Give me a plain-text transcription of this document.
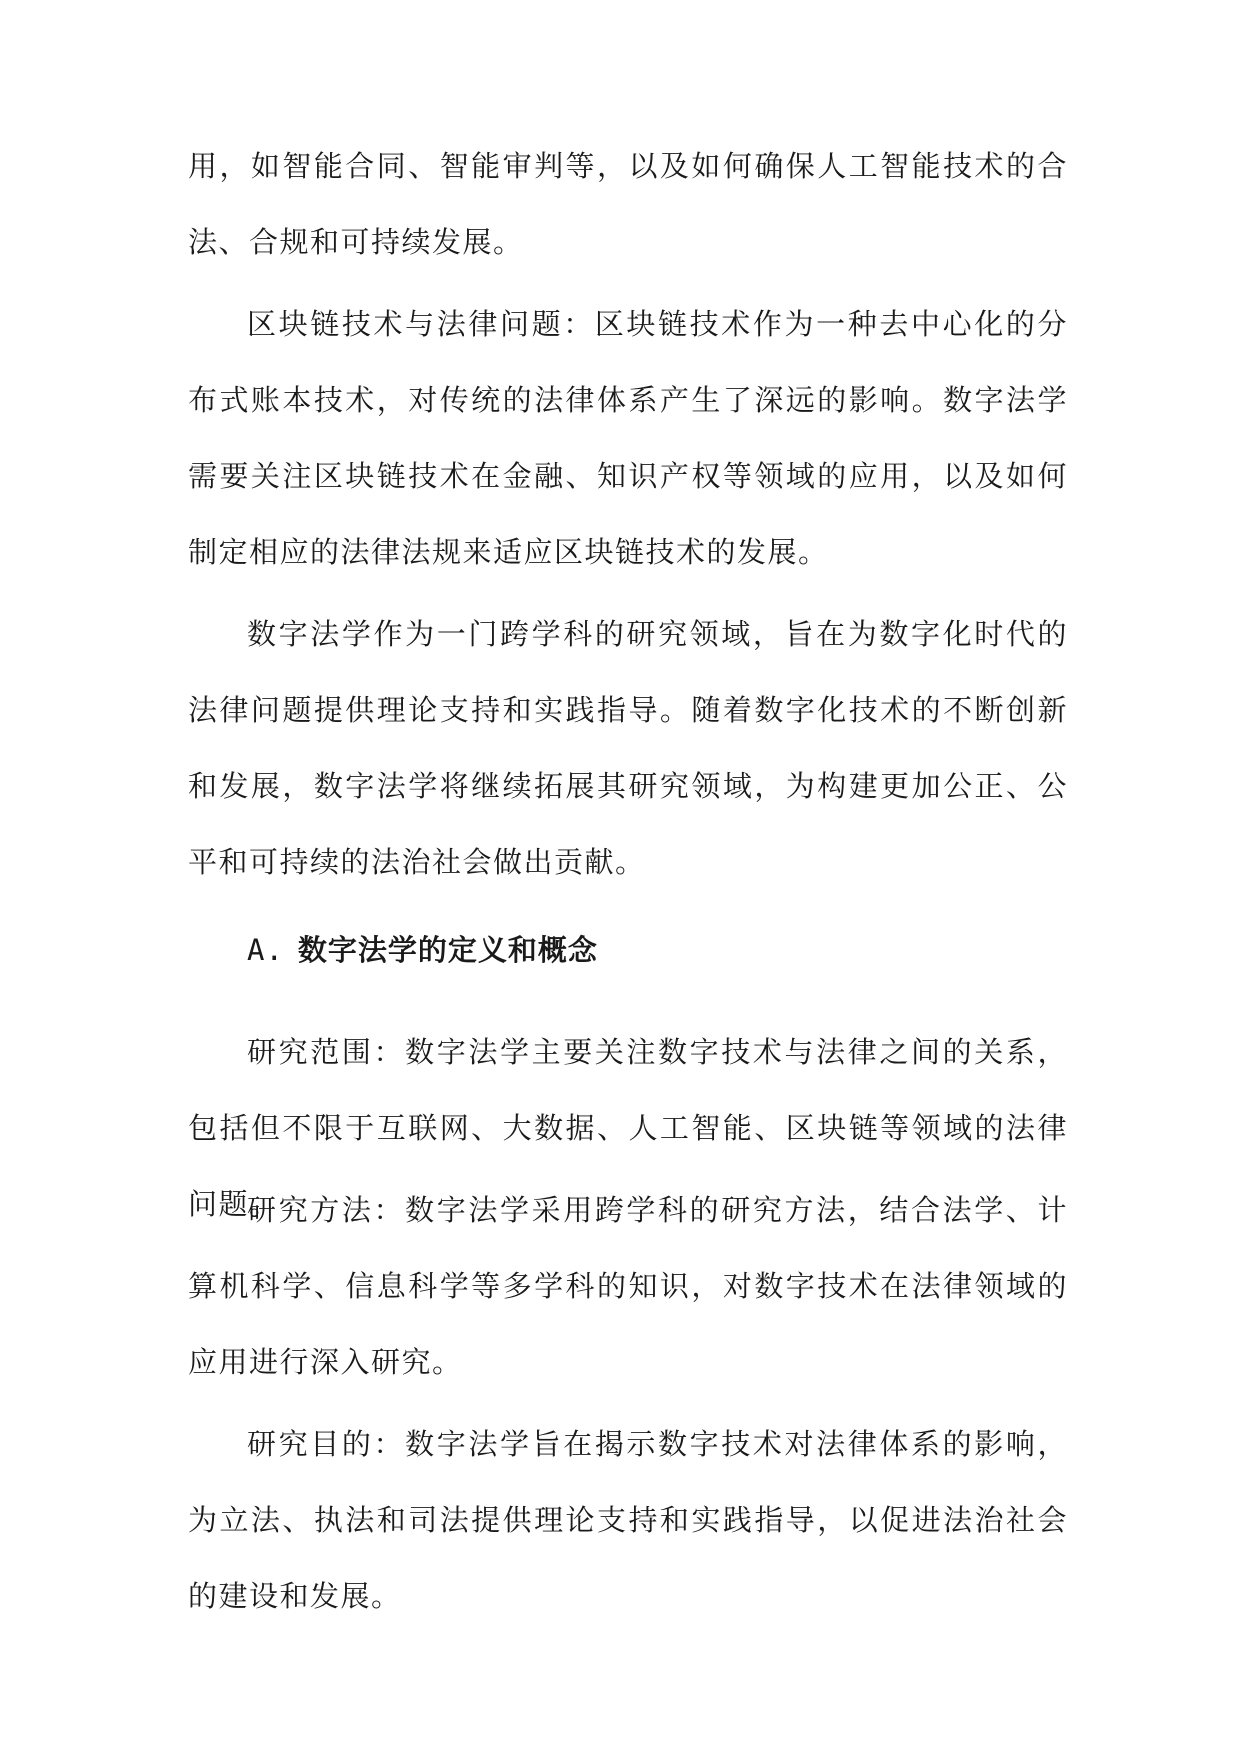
用，如智能合同、智能审判等，以及如何确保人工智能技术的合法、合规和可持续发展。

区块链技术与法律问题：区块链技术作为一种去中心化的分布式账本技术，对传统的法律体系产生了深远的影响。数字法学需要关注区块链技术在金融、知识产权等领域的应用，以及如何制定相应的法律法规来适应区块链技术的发展。

数字法学作为一门跨学科的研究领域，旨在为数字化时代的法律问题提供理论支持和实践指导。随着数字化技术的不断创新和发展，数字法学将继续拓展其研究领域，为构建更加公正、公平和可持续的法治社会做出贡献。

A. 数字法学的定义和概念

研究范围：数字法学主要关注数字技术与法律之间的关系，包括但不限于互联网、大数据、人工智能、区块链等领域的法律问题。

研究方法：数字法学采用跨学科的研究方法，结合法学、计算机科学、信息科学等多学科的知识，对数字技术在法律领域的应用进行深入研究。

研究目的：数字法学旨在揭示数字技术对法律体系的影响，为立法、执法和司法提供理论支持和实践指导，以促进法治社会的建设和发展。
